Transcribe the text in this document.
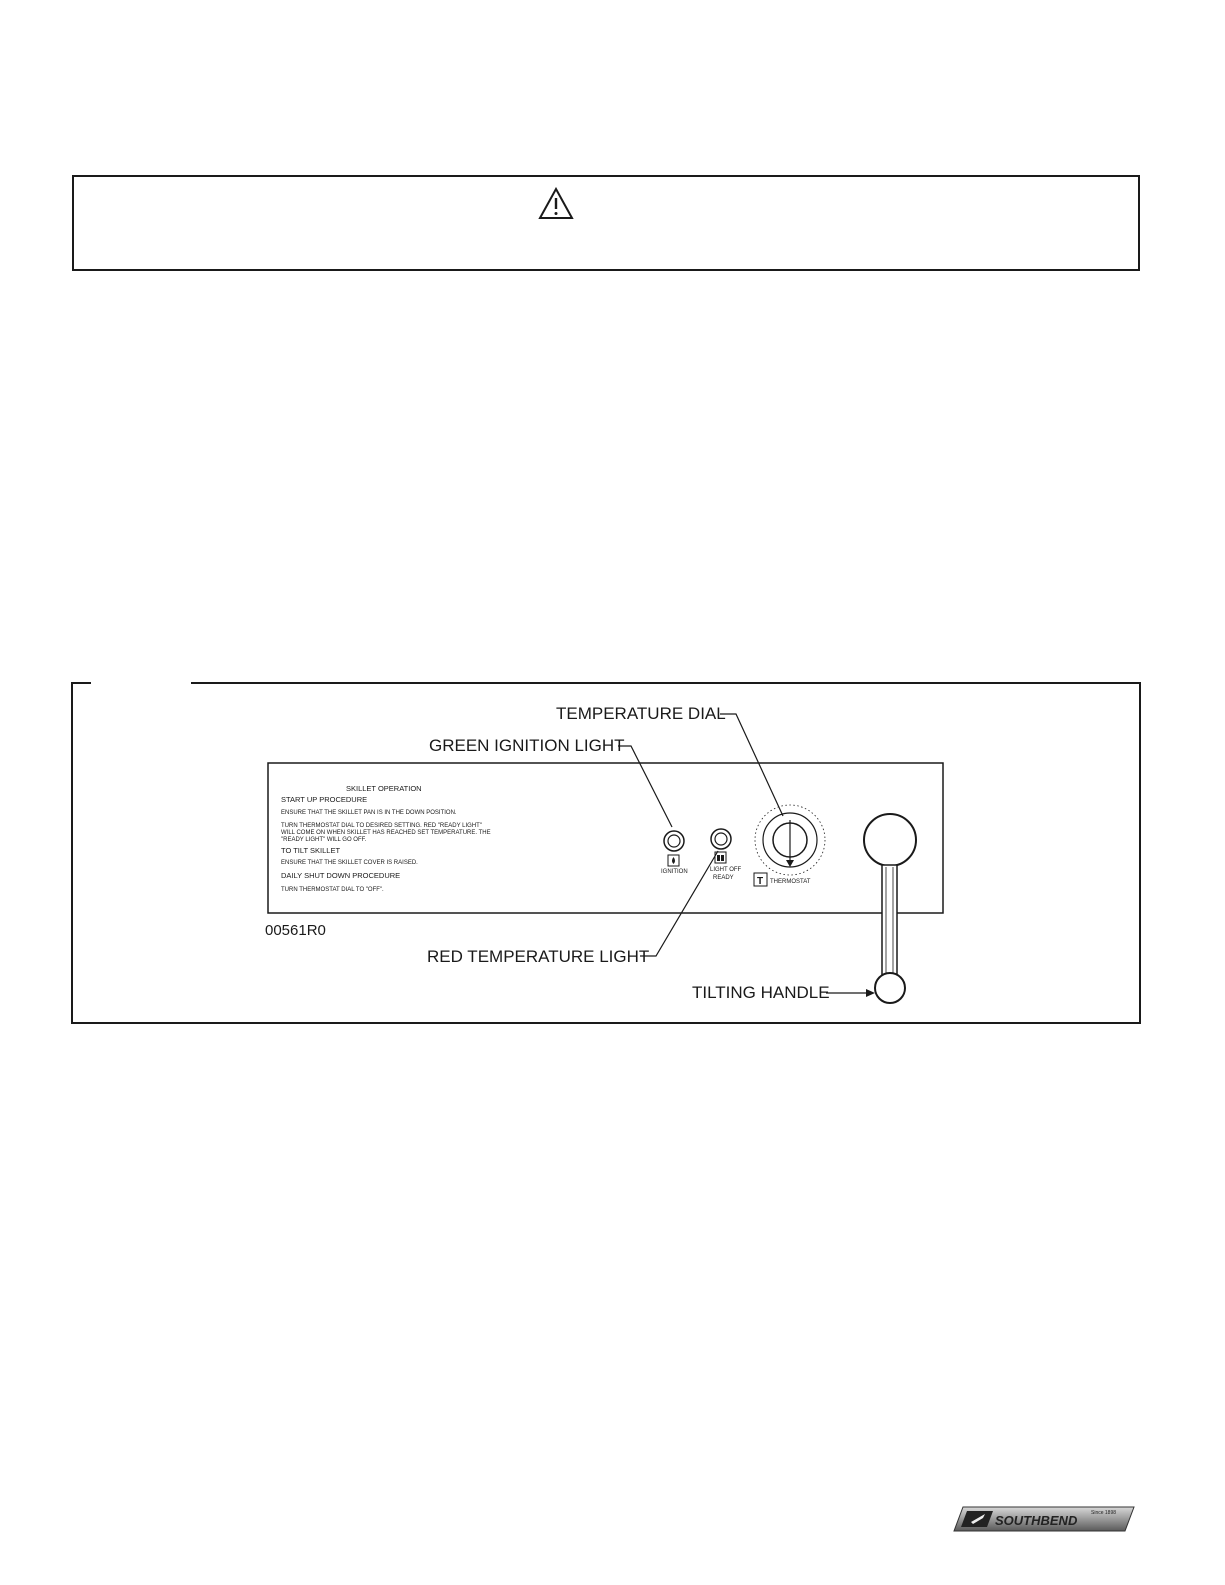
SKILLET OPERATION
START UP PROCEDURE
ENSURE THAT THE SKILLET PAN IS IN THE DOWN POSITION.
TURN THERMOSTAT DIAL TO DESIRED SETTING. RED "READY LIGHT"
WILL COME ON WHEN SKILLET HAS REACHED SET TEMPERATURE. THE
"READY LIGHT" WILL GO OFF.
TO TILT SKILLET
ENSURE THAT THE SKILLET COVER IS RAISED.
DAILY SHUT DOWN PROCEDURE
TURN THERMOSTAT DIAL TO "OFF".
00561R0
IGNITION	LIGHT OFF
READY T THERMOSTAT
TEMPERATURE DIAL
GREEN IGNITION LIGHT
RED TEMPERATURE LIGHT
TILTING HANDLE
SOUTHBEND	Since 1898
